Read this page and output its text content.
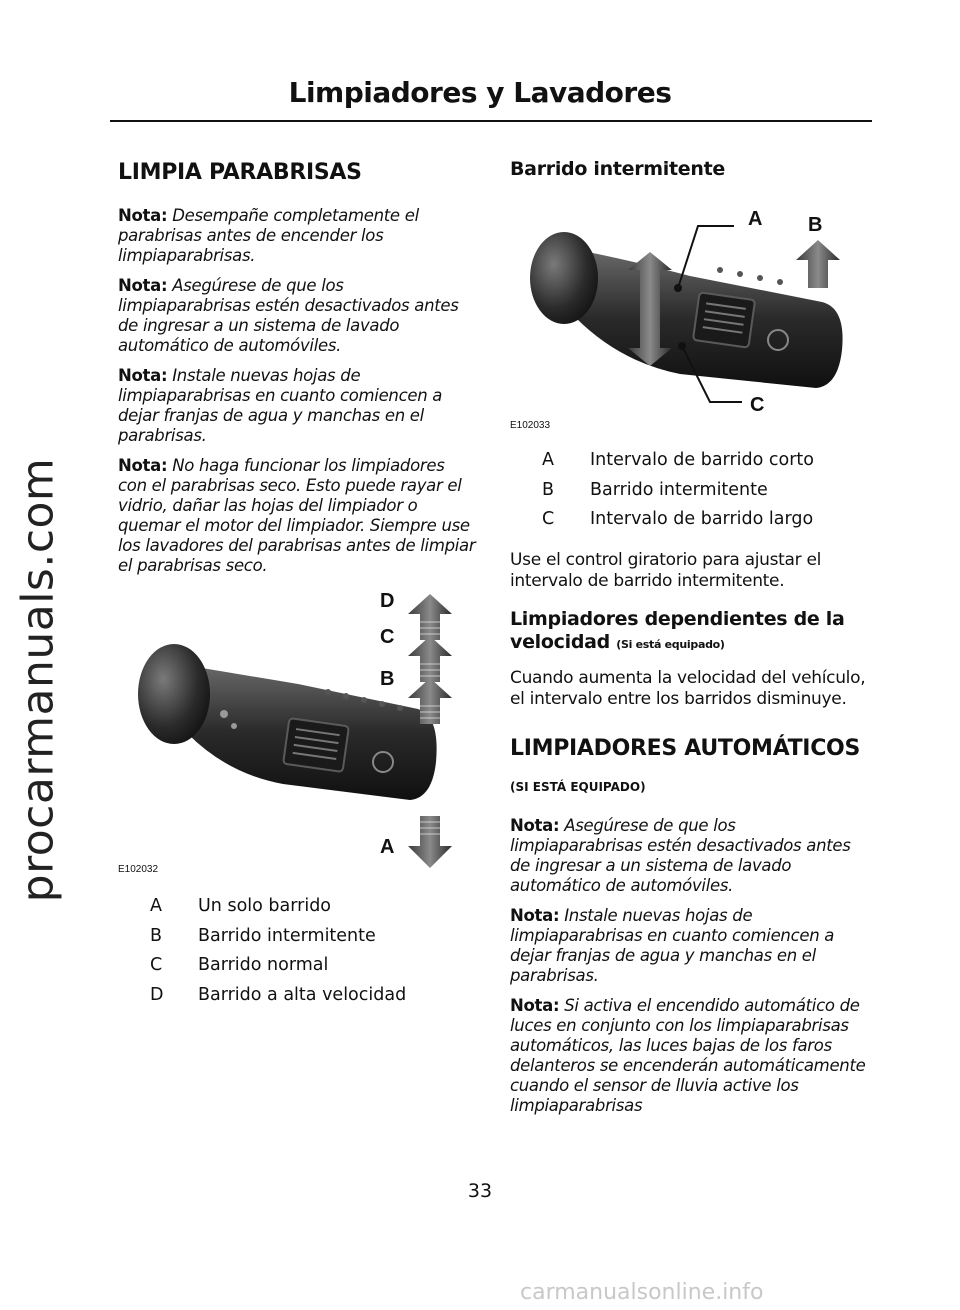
procarmanuals.com
Limpiadores y Lavadores
LIMPIA PARABRISAS

Nota: Desempañe completamente el parabrisas antes de encender los limpiaparabrisas.

Nota: Asegúrese de que los limpiaparabrisas estén desactivados antes de ingresar a un sistema de lavado automático de automóviles.

Nota: Instale nuevas hojas de limpiaparabrisas en cuanto comiencen a dejar franjas de agua y manchas en el parabrisas.

Nota: No haga funcionar los limpiadores con el parabrisas seco. Esto puede rayar el vidrio, dañar las hojas del limpiador o quemar el motor del limpiador. Siempre use los lavadores del parabrisas antes de limpiar el parabrisas seco.

D
C
B
A
E102032
A	Un solo barrido
B	Barrido intermitente
C	Barrido normal
D	Barrido a alta velocidad
Barrido intermitente
A B
C
E102033
A	Intervalo de barrido corto
B	Barrido intermitente
C	Intervalo de barrido largo

Use el control giratorio para ajustar el intervalo de barrido intermitente.

Limpiadores dependientes de la velocidad (Si está equipado)

Cuando aumenta la velocidad del vehículo, el intervalo entre los barridos disminuye.

LIMPIADORES AUTOMÁTICOS
(SI ESTÁ EQUIPADO)

Nota: Asegúrese de que los limpiaparabrisas estén desactivados antes de ingresar a un sistema de lavado automático de automóviles.

Nota: Instale nuevas hojas de limpiaparabrisas en cuanto comiencen a dejar franjas de agua y manchas en el parabrisas.

Nota: Si activa el encendido automático de luces en conjunto con los limpiaparabrisas automáticos, las luces bajas de los faros delanteros se encenderán automáticamente cuando el sensor de lluvia active los limpiaparabrisas

33
carmanualsonline.info
